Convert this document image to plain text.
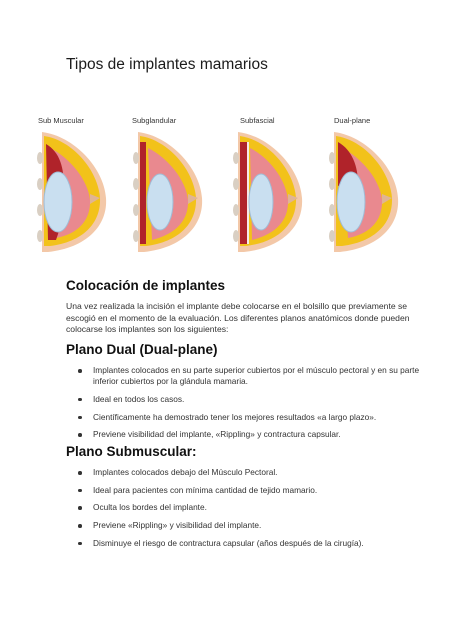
Tipos de implantes mamarios
Sub Muscular	Subglandular	Subfascial	Dual-plane
Colocación de implantes
Una vez realizada la incisión el implante debe colocarse en el bolsillo que previamente se escogió en el momento de la evaluación. Los diferentes planos anatómicos donde pueden colocarse los implantes son los siguientes:
Plano Dual (Dual-plane)
Implantes colocados en su parte superior cubiertos por el músculo pectoral y en su parte inferior cubiertos por la glándula mamaria.
Ideal en todos los casos.
Científicamente ha demostrado tener los mejores resultados «a largo plazo».
Previene visibilidad del implante, «Rippling» y contractura capsular.
Plano Submuscular:
Implantes colocados debajo del Músculo Pectoral.
Ideal para pacientes con mínima cantidad de tejido mamario.
Oculta los bordes del implante.
Previene «Rippling» y visibilidad del implante.
Disminuye el riesgo de contractura capsular (años después de la cirugía).
